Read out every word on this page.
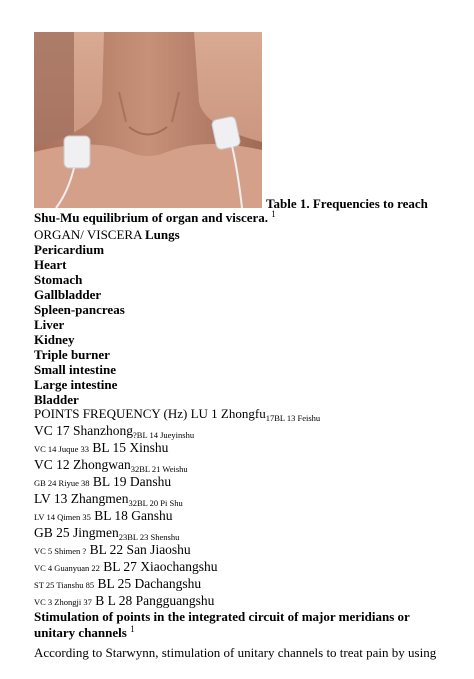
Table 1. Frequencies to reach
Shu-Mu equilibrium of organ and viscera. $^1$
ORGAN/ VISCERA Lungs
Pericardium
Heart
Stomach
Gallbladder
Spleen-pancreas
Liver
Kidney
Triple burner
Small intestine
Large intestine
Bladder
POINTS FREQUENCY (Hz) LU 1 Zhongfu$_{17BL 13 Feishu}$
VC 17 Shanzhong$_{?BL 14 Jueyinshu}$
VC 14 Juque 33 BL 15 Xinshu
VC 12 Zhongwan$_{32BL 21 Weishu}$
GB 24 Riyue 38 BL 19 Danshu
LV 13 Zhangmen$_{32BL 20 Pi Shu}$
LV 14 Qimen 35 BL 18 Ganshu
GB 25 Jingmen$_{23BL 23 Shenshu}$
VC 5 Shimen ? BL 22 San Jiaoshu
VC 4 Guanyuan 22 BL 27 Xiaochangshu
ST 25 Tianshu 85 BL 25 Dachangshu
VC 3 Zhongji 37 B L 28 Pangguangshu
Stimulation of points in the integrated circuit of major meridians or
unitary channels $^1$
According to Starwynn, stimulation of unitary channels to treat pain by using
